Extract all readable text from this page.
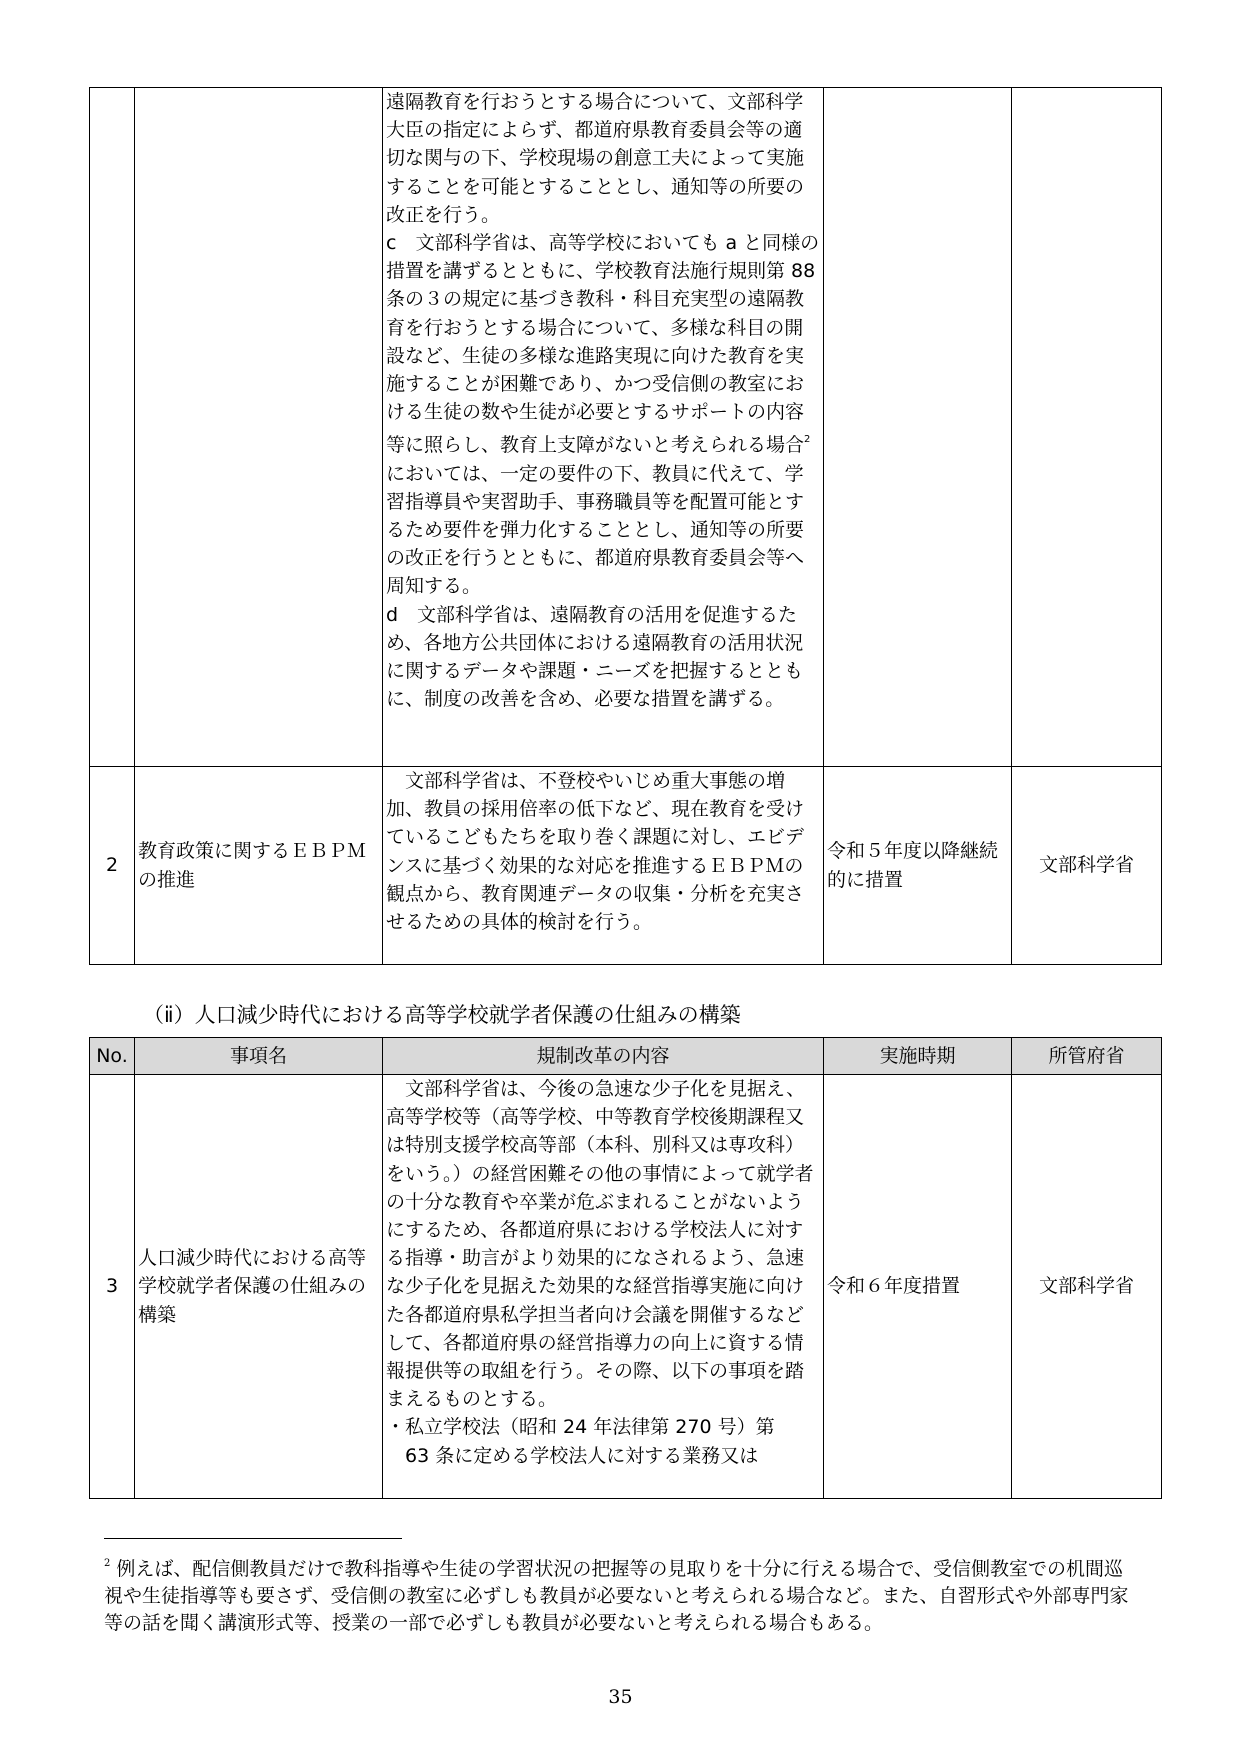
		遠隔教育を行おうとする場合について、文部科学大臣の指定によらず、都道府県教育委員会等の適切な関与の下、学校現場の創意工夫によって実施することを可能とすることとし、通知等の所要の改正を行う。
c　文部科学省は、高等学校においても a と同様の措置を講ずるとともに、学校教育法施行規則第 88 条の３の規定に基づき教科・科目充実型の遠隔教育を行おうとする場合について、多様な科目の開設など、生徒の多様な進路実現に向けた教育を実施することが困難であり、かつ受信側の教室における生徒の数や生徒が必要とするサポートの内容等に照らし、教育上支障がないと考えられる場合$^2$においては、一定の要件の下、教員に代えて、学習指導員や実習助手、事務職員等を配置可能とするため要件を弾力化することとし、通知等の所要の改正を行うとともに、都道府県教育委員会等へ周知する。
d　文部科学省は、遠隔教育の活用を促進するため、各地方公共団体における遠隔教育の活用状況に関するデータや課題・ニーズを把握するとともに、制度の改善を含め、必要な措置を講ずる。		
2	教育政策に関するＥＢＰＭの推進	　文部科学省は、不登校やいじめ重大事態の増加、教員の採用倍率の低下など、現在教育を受けているこどもたちを取り巻く課題に対し、エビデンスに基づく効果的な対応を推進するＥＢＰＭの観点から、教育関連データの収集・分析を充実させるための具体的検討を行う。	令和５年度以降継続的に措置	文部科学省
（ⅱ）人口減少時代における高等学校就学者保護の仕組みの構築
No.	事項名	規制改革の内容	実施時期	所管府省
3	人口減少時代における高等学校就学者保護の仕組みの構築	　文部科学省は、今後の急速な少子化を見据え、高等学校等（高等学校、中等教育学校後期課程又は特別支援学校高等部（本科、別科又は専攻科）をいう。）の経営困難その他の事情によって就学者の十分な教育や卒業が危ぶまれることがないようにするため、各都道府県における学校法人に対する指導・助言がより効果的になされるよう、急速な少子化を見据えた効果的な経営指導実施に向けた各都道府県私学担当者向け会議を開催するなどして、各都道府県の経営指導力の向上に資する情報提供等の取組を行う。その際、以下の事項を踏まえるものとする。
・私立学校法（昭和 24 年法律第 270 号）第
　63 条に定める学校法人に対する業務又は	令和６年度措置	文部科学省
$^2$ 例えば、配信側教員だけで教科指導や生徒の学習状況の把握等の見取りを十分に行える場合で、受信側教室での机間巡視や生徒指導等も要さず、受信側の教室に必ずしも教員が必要ないと考えられる場合など。また、自習形式や外部専門家等の話を聞く講演形式等、授業の一部で必ずしも教員が必要ないと考えられる場合もある。
35
